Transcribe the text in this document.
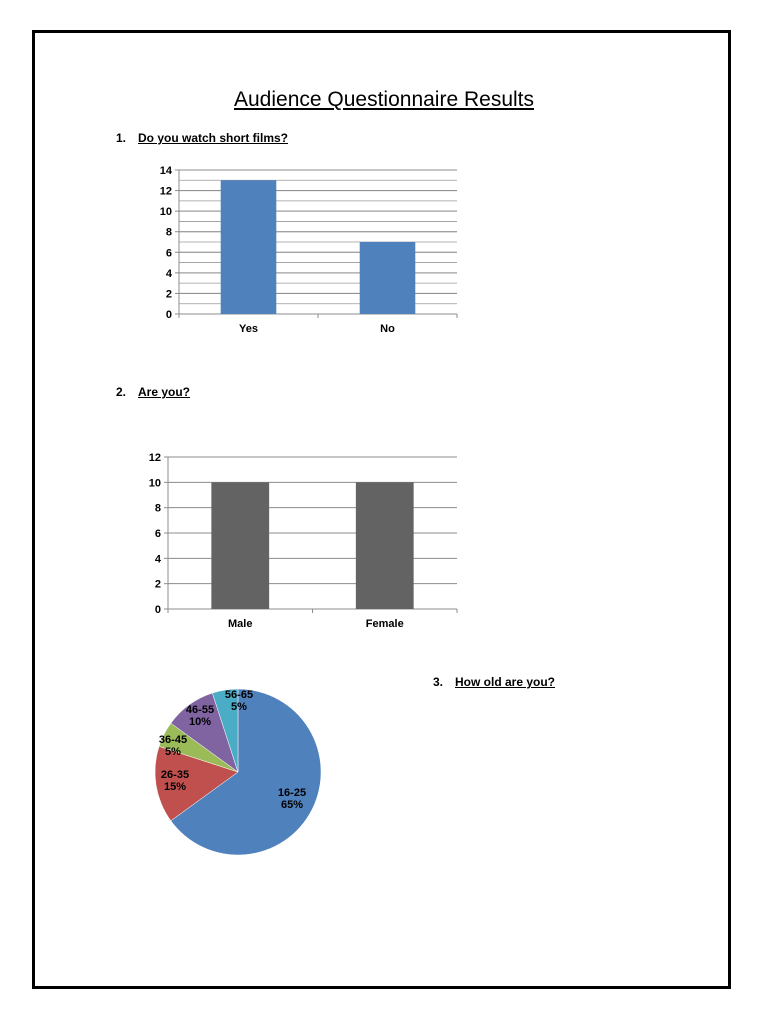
Audience Questionnaire Results
1. Do you watch short films?
0
2
4
6
8
10
12
14
Yes	No
2. Are you?
0
2
4
6
8
10
12
Male	Female
16-25
65%
26-35
15%
36-45
5%
46-55
10%
56-65
5%
3. How old are you?
